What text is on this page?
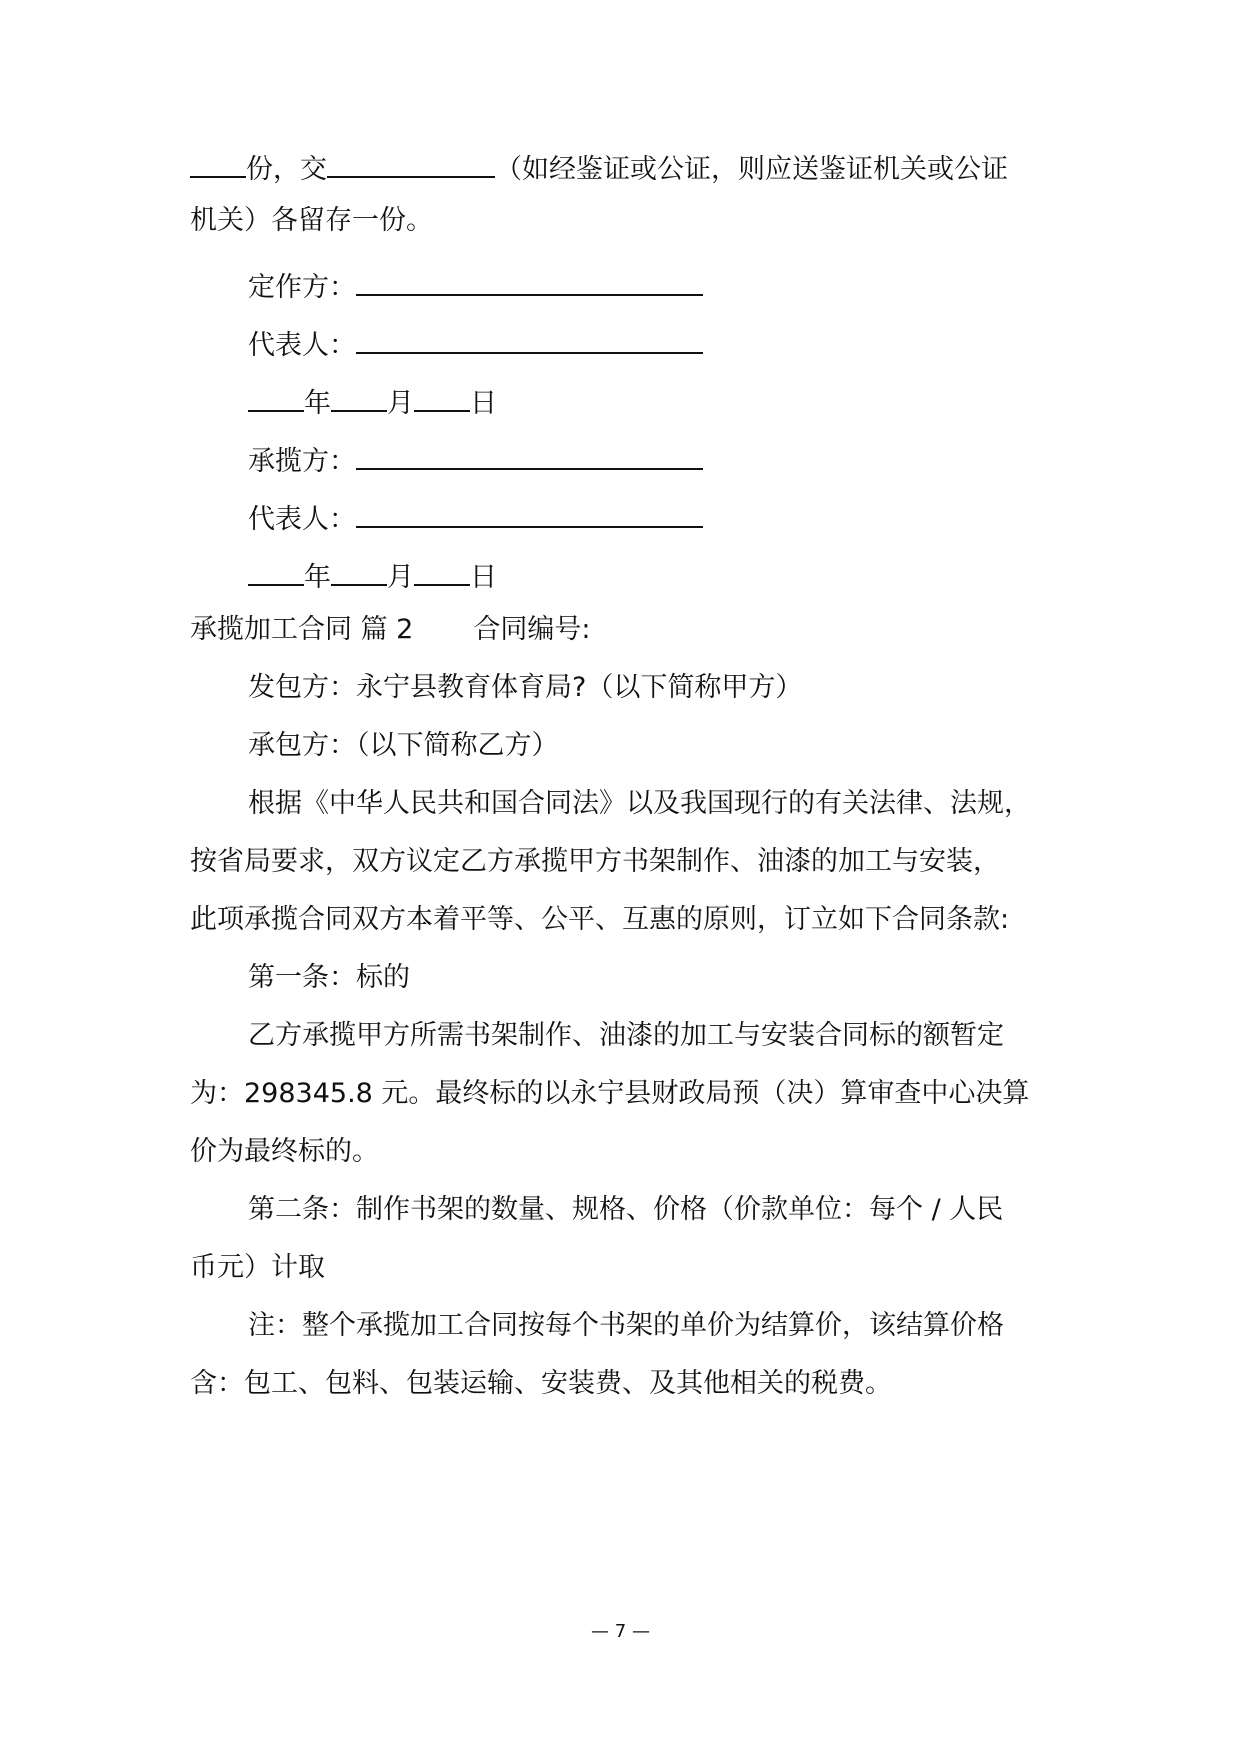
份，交	（如经鉴证或公证，则应送鉴证机关或公证
机关）各留存一份。
定作方：
代表人：
年 月 日
承揽方：
代表人：
年 月 日
承揽加工合同 篇 2 合同编号:
发包方：永宁县教育体育局?（以下简称甲方）
承包方：（以下简称乙方）
根据《中华人民共和国合同法》以及我国现行的有关法律、法规，
按省局要求，双方议定乙方承揽甲方书架制作、油漆的加工与安装，
此项承揽合同双方本着平等、公平、互惠的原则，订立如下合同条款:
第一条：标的
乙方承揽甲方所需书架制作、油漆的加工与安装合同标的额暂定
为：298345.8 元。最终标的以永宁县财政局预（决）算审查中心决算
价为最终标的。
第二条：制作书架的数量、规格、价格（价款单位：每个 / 人民
币元）计取
注：整个承揽加工合同按每个书架的单价为结算价，该结算价格
含：包工、包料、包装运输、安装费、及其他相关的税费。
— 7 —
